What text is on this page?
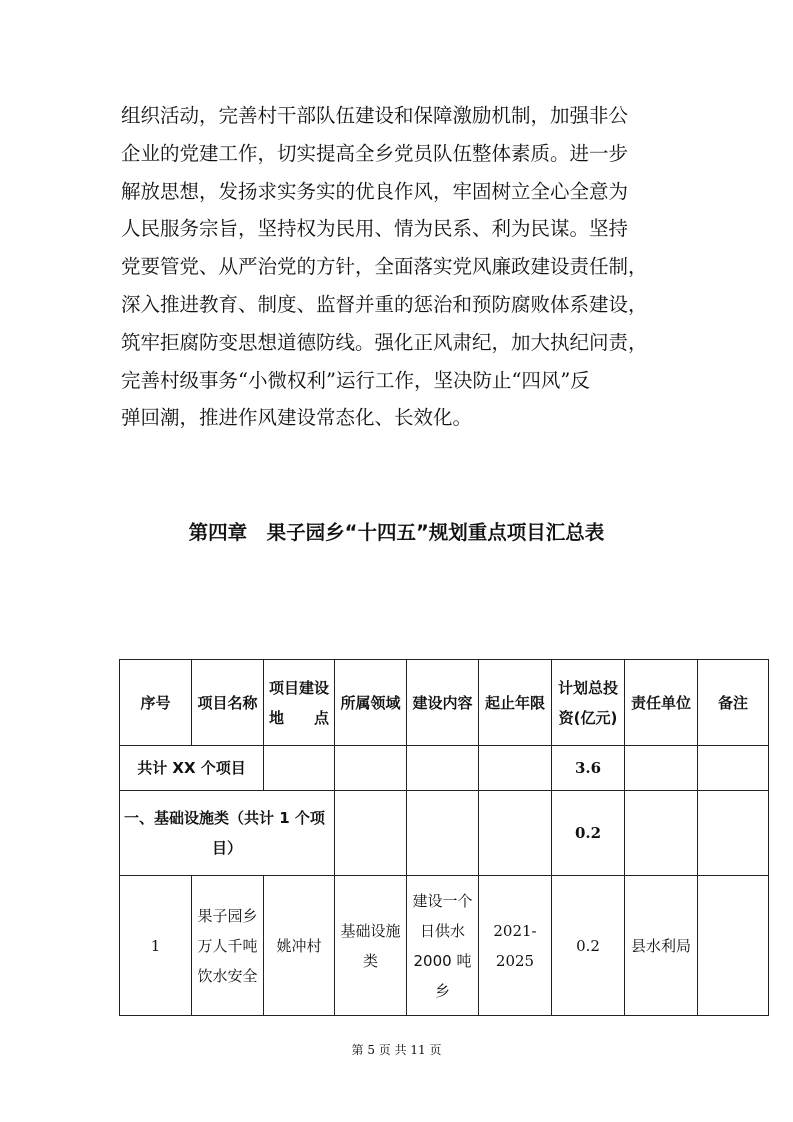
组织活动，完善村干部队伍建设和保障激励机制，加强非公
企业的党建工作，切实提高全乡党员队伍整体素质。进一步
解放思想，发扬求实务实的优良作风，牢固树立全心全意为
人民服务宗旨，坚持权为民用、情为民系、利为民谋。坚持
党要管党、从严治党的方针，全面落实党风廉政建设责任制，
深入推进教育、制度、监督并重的惩治和预防腐败体系建设，
筑牢拒腐防变思想道德防线。强化正风肃纪，加大执纪问责，
完善村级事务“小微权利”运行工作，坚决防止“四风”反
弹回潮，推进作风建设常态化、长效化。
第四章　果子园乡“十四五”规划重点项目汇总表
序号	项目名称	项目建设
地　　点	所属领域	建设内容	起止年限	计划总投
资(亿元)	责任单位	备注
共计 XX 个项目						3.6		

一、基础设施类（共计 1 个项
目）						0.2		
1	果子园乡
万人千吨
饮水安全	姚冲村	基础设施
类	建设一个
日供水
2000 吨乡	2021-2025	0.2	县水利局	
第 5 页 共 11 页
